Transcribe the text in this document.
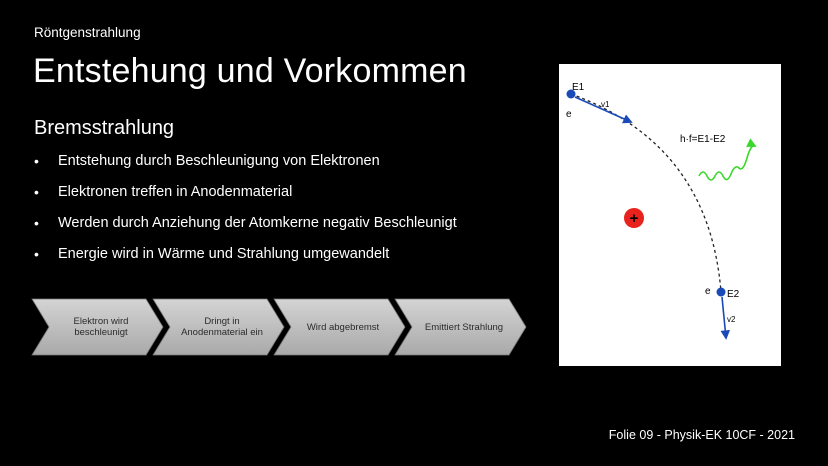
Röntgenstrahlung
Entstehung und Vorkommen
Bremsstrahlung
• Entstehung durch Beschleunigung von Elektronen
• Elektronen treffen in Anodenmaterial
• Werden durch Anziehung der Atomkerne negativ Beschleunigt
• Energie wird in Wärme und Strahlung umgewandelt
Elektron wird beschleunigt
Dringt in Anodenmaterial ein	Wird abgebremst	Emittiert Strahlung
+
E1
e
v1
h·f=E1-E2
e E2
v2
Folie 09 - Physik-EK 10CF - 2021
